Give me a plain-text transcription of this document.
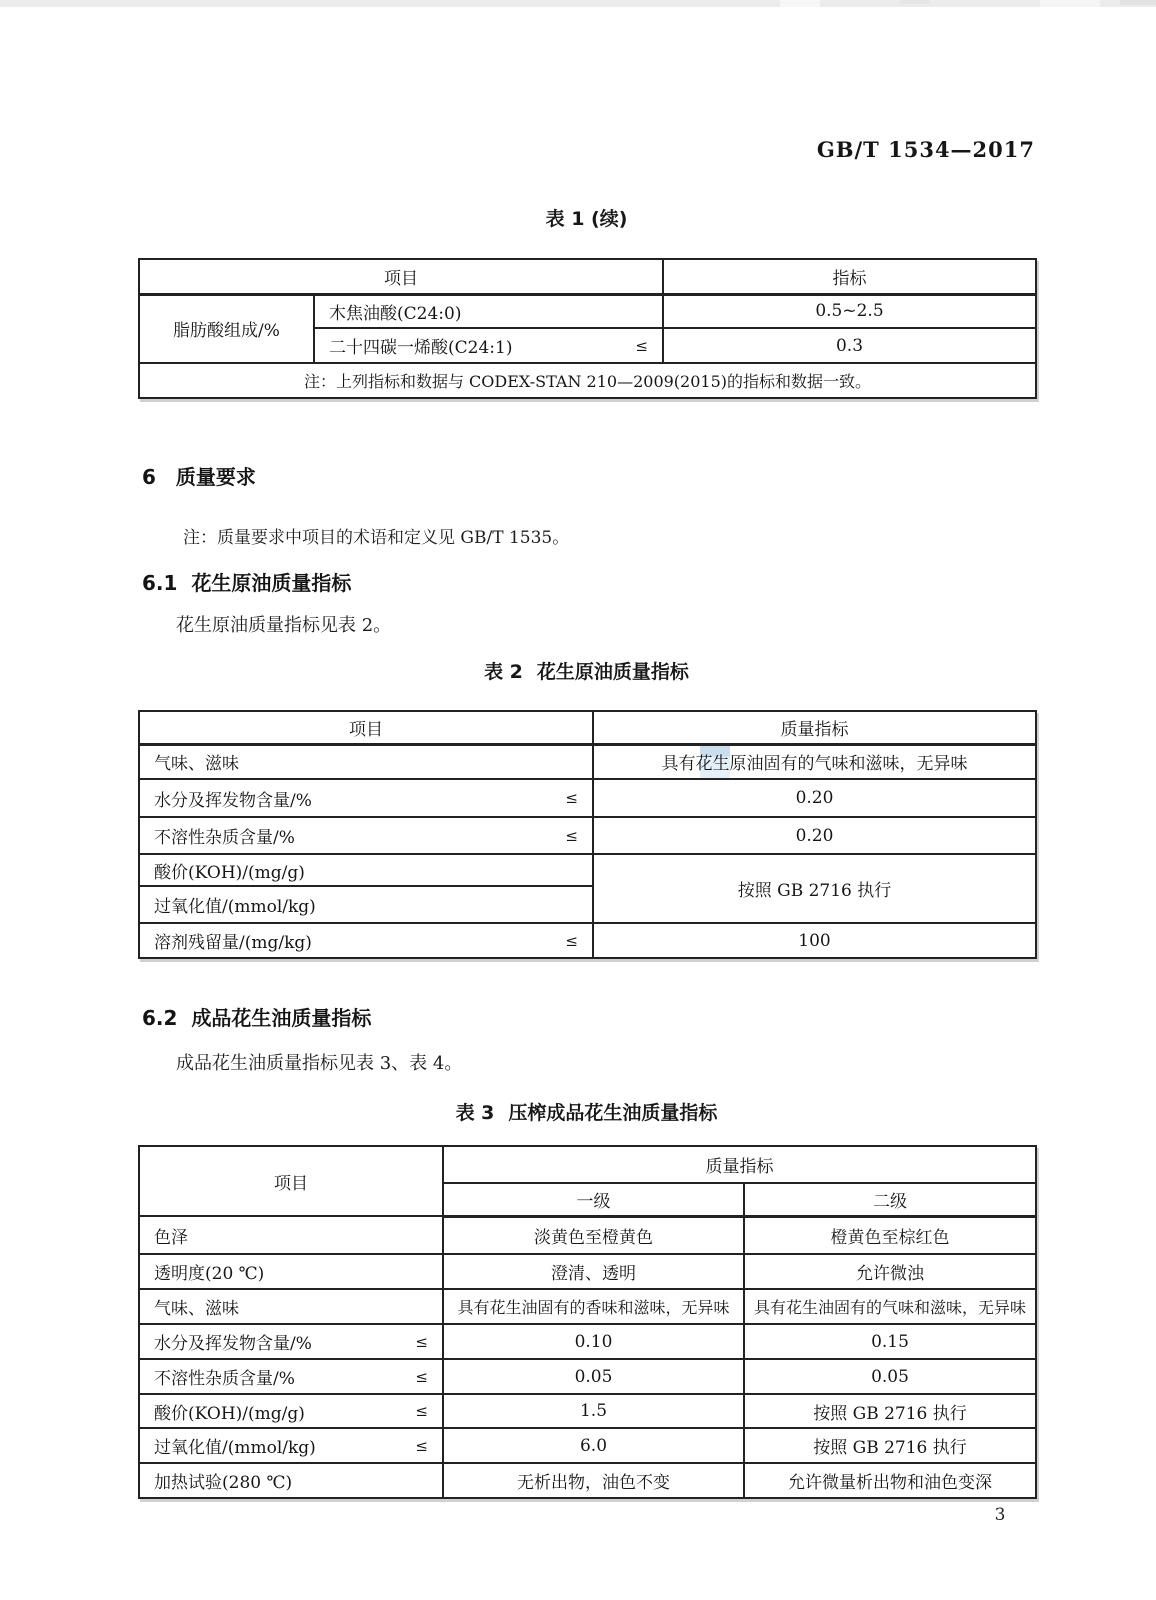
GB/T 1534—2017
表 1 (续)
项目		指标
脂肪酸组成/%	木焦油酸(C24:0)	0.5~2.5

	二十四碳一烯酸(C24:1) ≤	0.3
注：上列指标和数据与 CODEX-STAN 210—2009(2015)的指标和数据一致。		
6 质量要求
注：质量要求中项目的术语和定义见 GB/T 1535。
6.1 花生原油质量指标
花生原油质量指标见表 2。
表 2 花生原油质量指标
项目	质量指标

气味、滋味	具有花生原油固有的气味和滋味，无异味

水分及挥发物含量/% ≤	0.20

不溶性杂质含量/% ≤	0.20

酸价(KOH)/(mg/g)	按照 GB 2716 执行

过氧化值/(mmol/kg)	

溶剂残留量/(mg/kg) ≤	100
6.2 成品花生油质量指标
成品花生油质量指标见表 3、表 4。
表 3 压榨成品花生油质量指标
项目	质量指标	
	一级	二级

色泽	淡黄色至橙黄色	橙黄色至棕红色

透明度(20 ℃)	澄清、透明	允许微浊

气味、滋味	具有花生油固有的香味和滋味，无异味	具有花生油固有的气味和滋味，无异味

水分及挥发物含量/% ≤	0.10	0.15

不溶性杂质含量/% ≤	0.05	0.05

酸价(KOH)/(mg/g) ≤	1.5	按照 GB 2716 执行

过氧化值/(mmol/kg) ≤	6.0	按照 GB 2716 执行

加热试验(280 ℃)	无析出物，油色不变	允许微量析出物和油色变深
3
